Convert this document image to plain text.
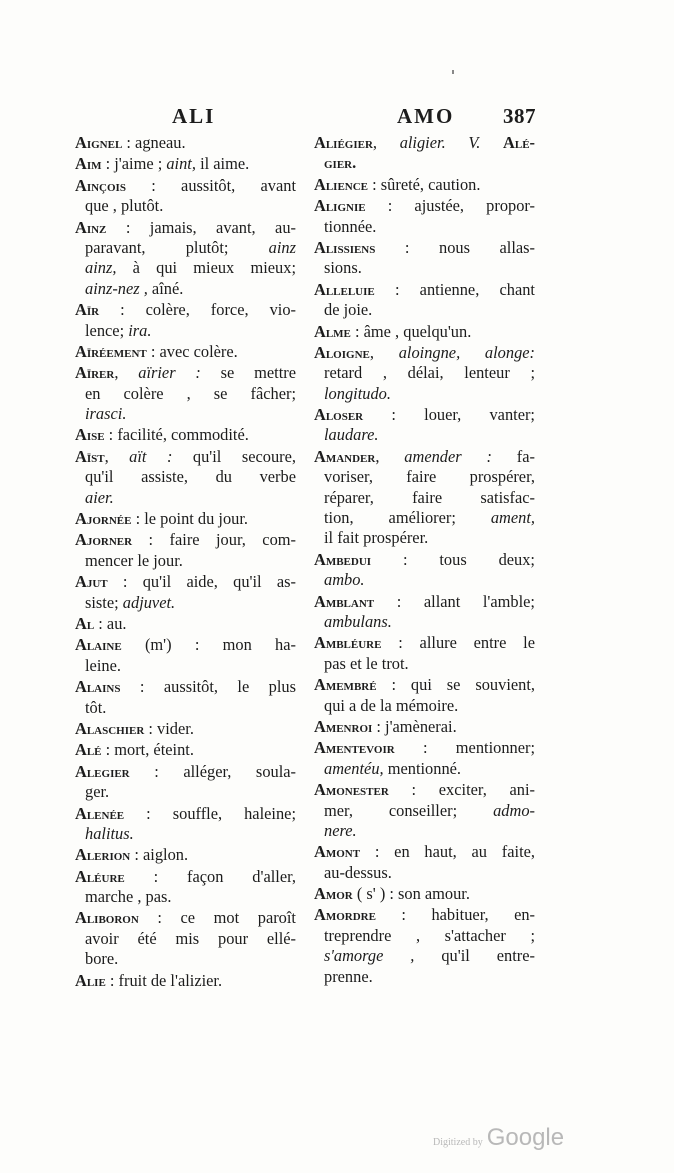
ALI	AMO 387
Aignel : agneau.
Aim : j'aime ; aint, il aime.
Ainçois : aussitôt, avant
que , plutôt.
Ainz : jamais, avant, au-
paravant, plutôt; ainz
ainz, à qui mieux mieux;
ainz-nez , aîné.
Aïr : colère, force, vio-
lence; ira.
Aïréement : avec colère.
Aïrer, aïrier : se mettre
en colère , se fâcher;
irasci.
Aise : facilité, commodité.
Aïst, aït : qu'il secoure,
qu'il assiste, du verbe
aier.
Ajornée : le point du jour.
Ajorner : faire jour, com-
mencer le jour.
Ajut : qu'il aide, qu'il as-
siste; adjuvet.
Al : au.
Alaine (m') : mon ha-
leine.
Alains : aussitôt, le plus
tôt.
Alaschier : vider.
Alé : mort, éteint.
Alegier : alléger, soula-
ger.
Alenée : souffle, haleine;
halitus.
Alerion : aiglon.
Aléure : façon d'aller,
marche , pas.
Aliboron : ce mot paroît
avoir été mis pour ellé-
bore.
Alie : fruit de l'alizier.
Aliégier, aligier. V. Alé-
gier.
Alience : sûreté, caution.
Alignie : ajustée, propor-
tionnée.
Alissiens : nous allas-
sions.
Alleluie : antienne, chant
de joie.
Alme : âme , quelqu'un.
Aloigne, aloingne, alonge:
retard , délai, lenteur ;
longitudo.
Aloser : louer, vanter;
laudare.
Amander, amender : fa-
voriser, faire prospérer,
réparer, faire satisfac-
tion, améliorer; ament,
il fait prospérer.
Ambedui : tous deux;
ambo.
Amblant : allant l'amble;
ambulans.
Ambléure : allure entre le
pas et le trot.
Amembré : qui se souvient,
qui a de la mémoire.
Amenroi : j'amènerai.
Amentevoir : mentionner;
amentéu, mentionné.
Amonester : exciter, ani-
mer, conseiller; admo-
nere.
Amont : en haut, au faite,
au-dessus.
Amor ( s' ) : son amour.
Amordre : habituer, en-
treprendre , s'attacher ;
s'amorge , qu'il entre-
prenne.
Digitized by Google
